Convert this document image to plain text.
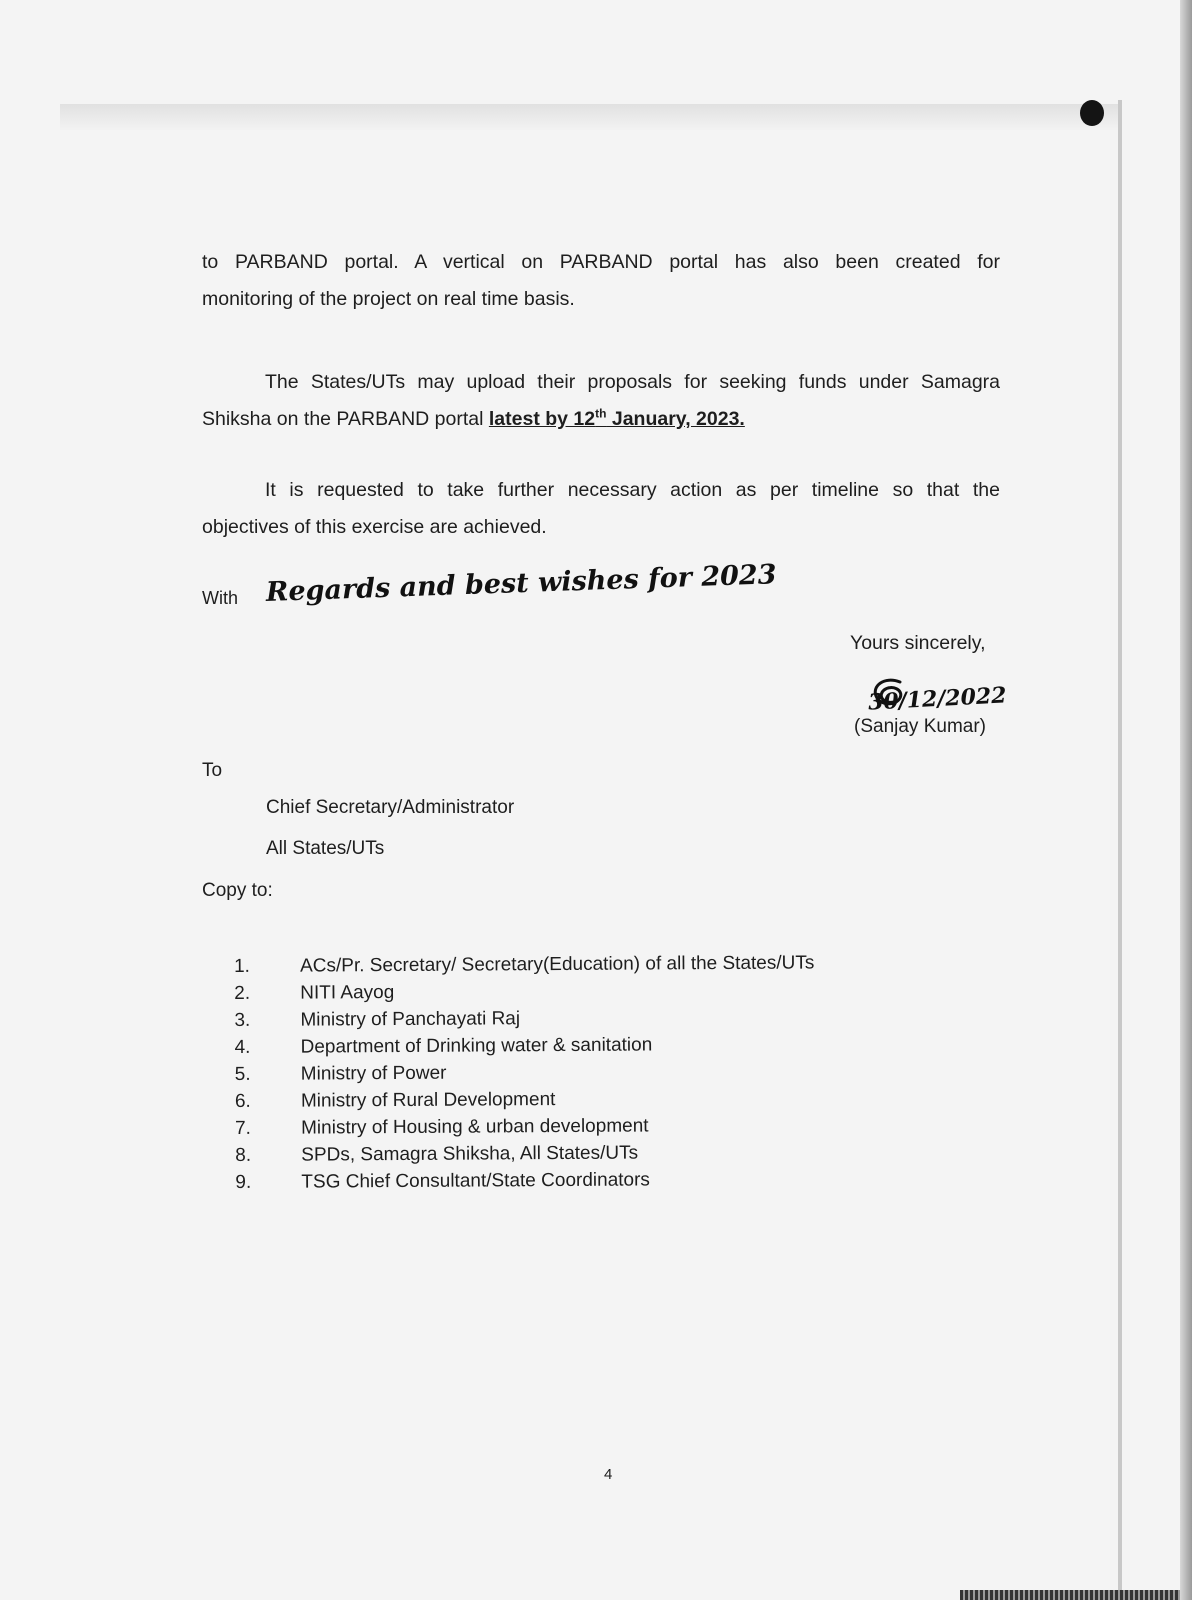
to PARBAND portal. A vertical on PARBAND portal has also been created for
monitoring of the project on real time basis.

The States/UTs may upload their proposals for seeking funds under Samagra
Shiksha on the PARBAND portal latest by 12th January, 2023.

It is requested to take further necessary action as per timeline so that the
objectives of this exercise are achieved.

With Regards and best wishes for 2023
Yours sincerely,
30/12/2022
(Sanjay Kumar)
To
Chief Secretary/Administrator
All States/UTs
Copy to:
1.	ACs/Pr. Secretary/ Secretary(Education) of all the States/UTs
2.	NITI Aayog
3.	Ministry of Panchayati Raj
4.	Department of Drinking water & sanitation
5.	Ministry of Power
6.	Ministry of Rural Development
7.	Ministry of Housing & urban development
8.	SPDs, Samagra Shiksha, All States/UTs
9.	TSG Chief Consultant/State Coordinators
4
